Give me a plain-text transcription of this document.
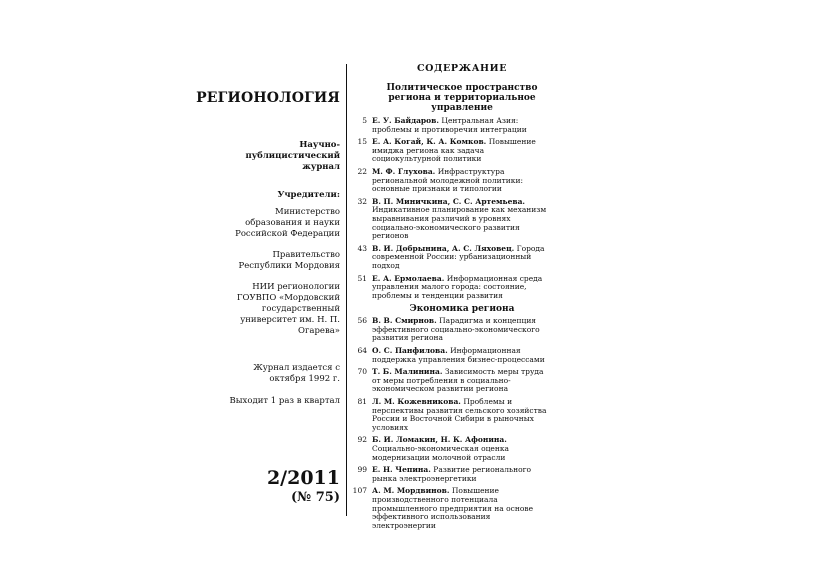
РЕГИОНОЛОГИЯ
Научно-публицистический журнал
Учредители:
Министерство образования и науки Российской Федерации
Правительство Республики Мордовия
НИИ регионологии ГОУВПО «Мордовский государственный университет им. Н. П. Огарева»
Журнал издается с октября 1992 г.
Выходит 1 раз в квартал
2/2011
(№ 75)
СОДЕРЖАНИЕ
Политическое пространство региона и территориальное управление
5 Е. У. Байдаров. Центральная Азия: проблемы и противоречия интеграции
15 Е. А. Когай, К. А. Комков. Повышение имиджа региона как задача социокультурной политики
22 М. Ф. Глухова. Инфраструктура региональной молодежной политики: основные признаки и типологии
32 В. П. Миничкина, С. С. Артемьева. Индикативное планирование как механизм выравнивания различий в уровнях социально-экономического развития регионов
43 В. И. Добрынина, А. С. Ляховец. Города современной России: урбанизационный подход
51 Е. А. Ермолаева. Информационная среда управления малого города: состояние, проблемы и тенденции развития
Экономика региона
56 В. В. Смирнов. Парадигма и концепция эффективного социально-экономического развития региона
64 О. С. Панфилова. Информационная поддержка управления бизнес-процессами
70 Т. Б. Малинина. Зависимость меры труда от меры потребления в социально-экономическом развитии региона
81 Л. М. Кожевникова. Проблемы и перспективы развития сельского хозяйства России и Восточной Сибири в рыночных условиях
92 Б. И. Ломакин, Н. К. Афонина. Социально-экономическая оценка модернизации молочной отрасли
99 Е. Н. Чепина. Развитие регионального рынка электроэнергетики
107 А. М. Мордвинов. Повышение производственного потенциала промышленного предприятия на основе эффективного использования электроэнергии
